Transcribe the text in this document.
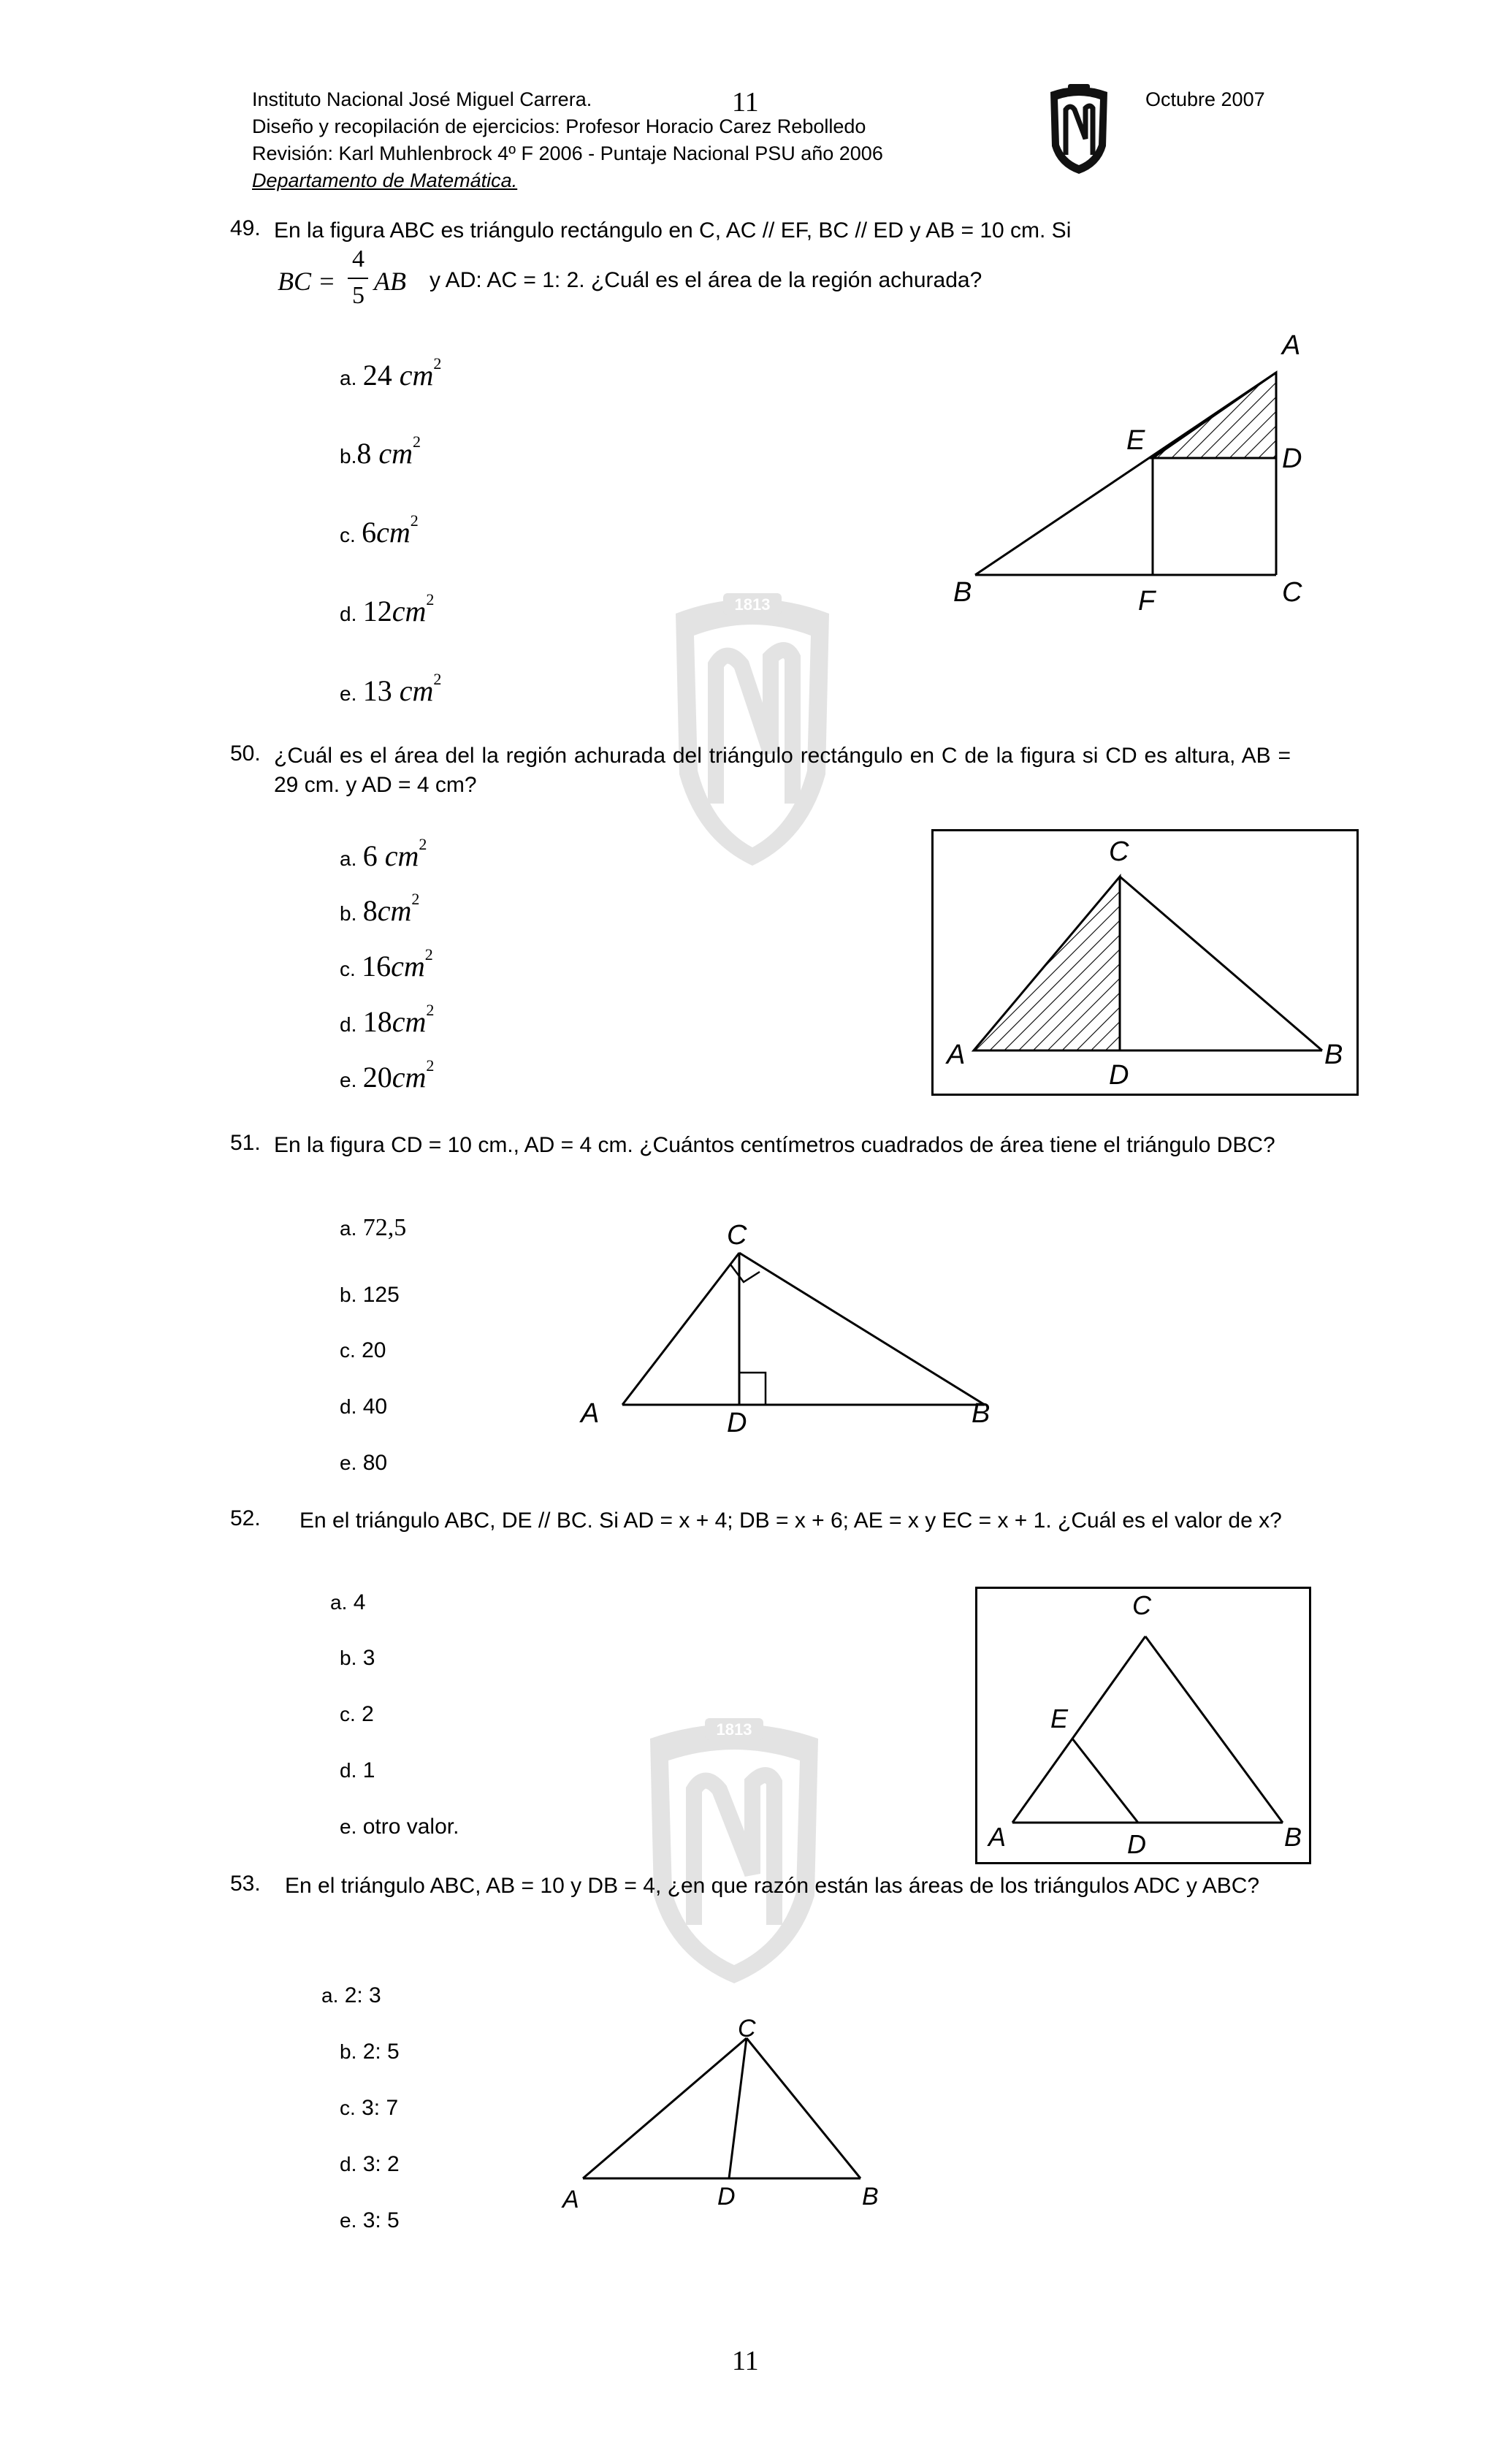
1813
1813
Instituto Nacional José Miguel Carrera.
Diseño y recopilación de ejercicios: Profesor Horacio Carez Rebolledo
Revisión: Karl Muhlenbrock 4º F 2006 - Puntaje Nacional PSU año 2006
Departamento de Matemática.
11	Octubre 2007
49. En la figura ABC es triángulo rectángulo en C, AC // EF, BC // ED y AB = 10 cm. Si
BC =
4
5 AB y AD: AC = 1: 2. ¿Cuál es el área de la región achurada?
a. 24 $cm^2$
b.8 $cm^2$
c. $6cm^2$
d. $12cm^2$
e. 13 $cm^2$
A
E
D
B	F	C
50. ¿Cuál es el área del la región achurada del triángulo rectángulo en C de la figura si CD es altura, AB = 29 cm. y AD = 4 cm?
a. 6 $cm^2$
b. $8cm^2$
c. $16cm^2$
d. $18cm^2$
e. $20cm^2$
C
A
D
B
51. En la figura CD = 10 cm., AD = 4 cm. ¿Cuántos centímetros cuadrados de área tiene el triángulo DBC?
a. 72,5
b. 125
c. 20
d. 40
e. 80
C
A	D	B
52.	En el triángulo ABC, DE // BC. Si AD = x + 4; DB = x + 6; AE = x y EC = x + 1. ¿Cuál es el valor de x?
a. 4
b. 3
c. 2
d. 1
e. otro valor.
C
E
A	D	B
53.	En el triángulo ABC, AB = 10 y DB = 4, ¿en que razón están las áreas de los triángulos ADC y ABC?
a. 2: 3
b. 2: 5
c. 3: 7
d. 3: 2
e. 3: 5
C
A	D	B
11
